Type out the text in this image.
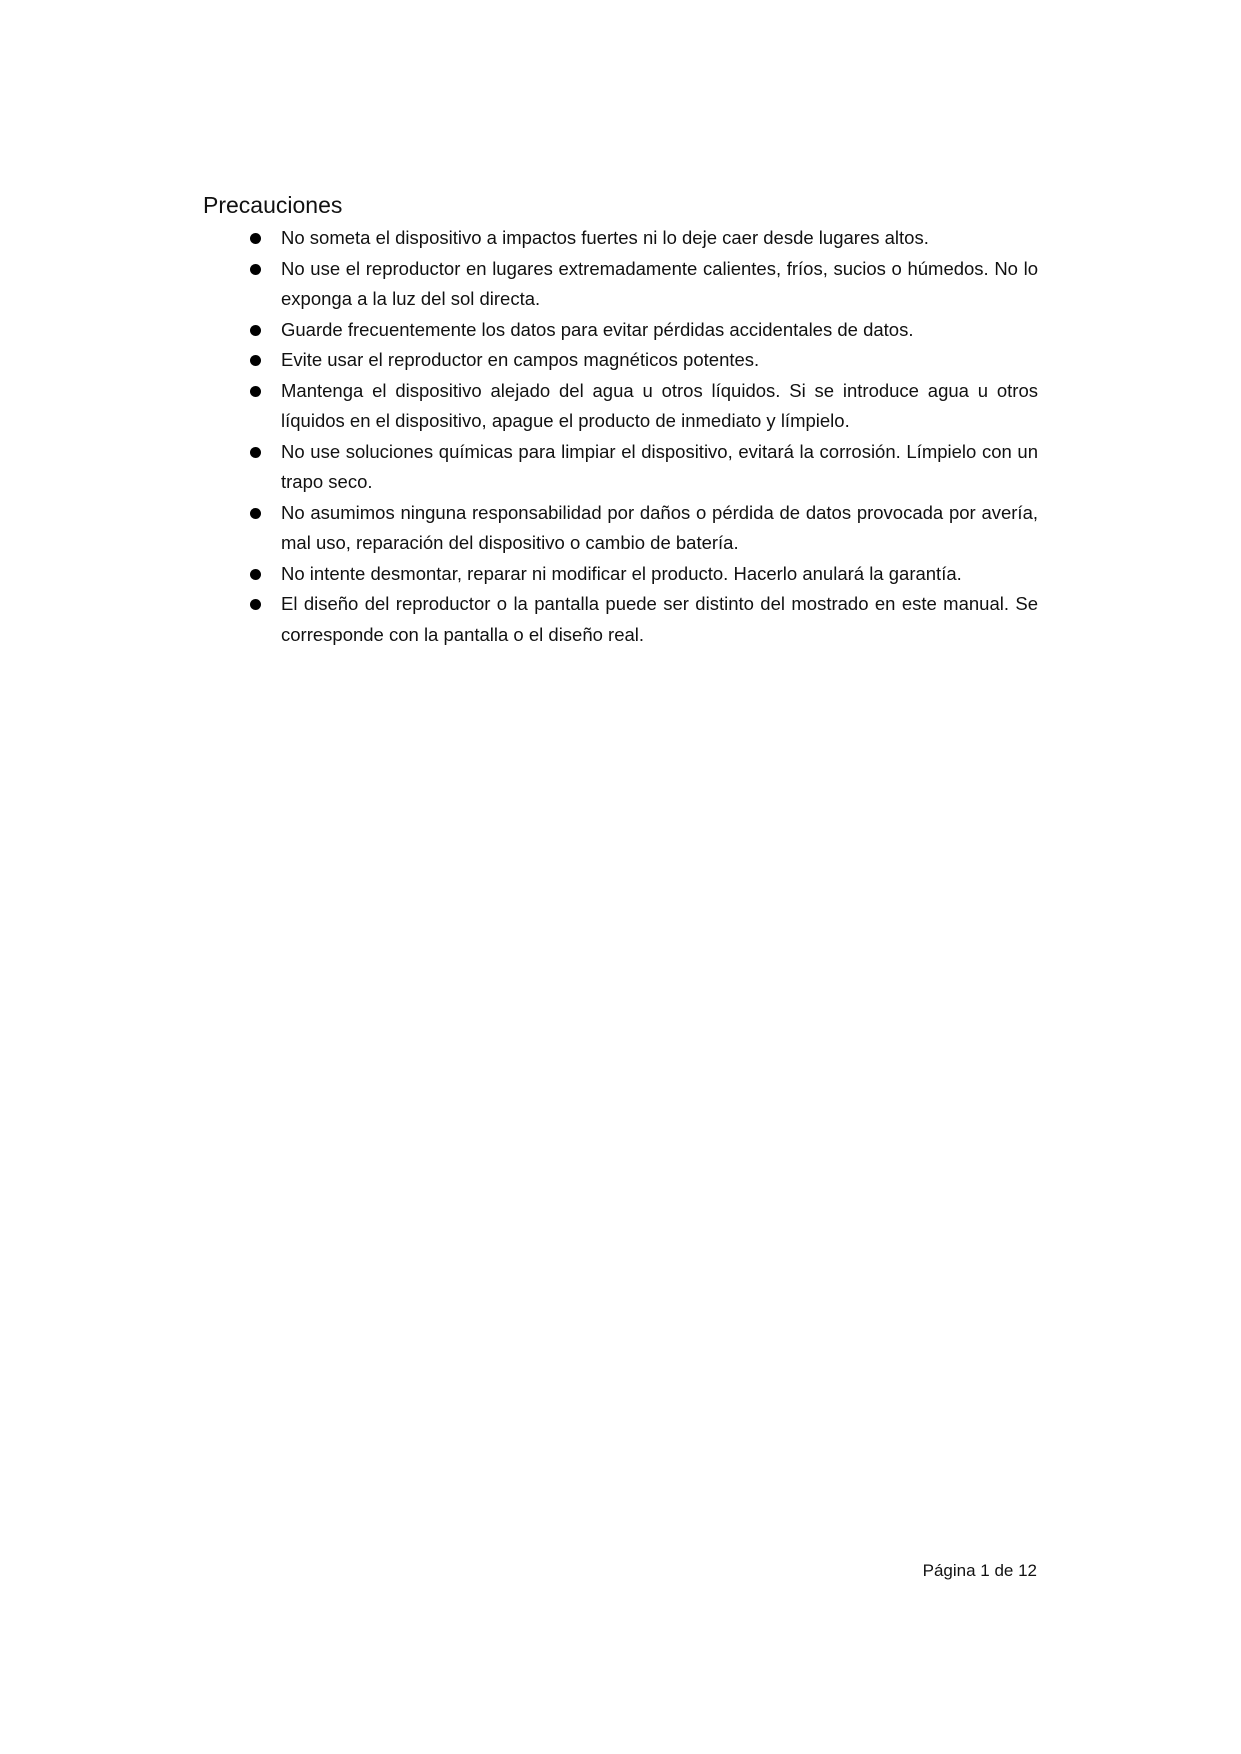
Precauciones
No someta el dispositivo a impactos fuertes ni lo deje caer desde lugares altos.
No use el reproductor en lugares extremadamente calientes, fríos, sucios o húmedos. No lo exponga a la luz del sol directa.
Guarde frecuentemente los datos para evitar pérdidas accidentales de datos.
Evite usar el reproductor en campos magnéticos potentes.
Mantenga el dispositivo alejado del agua u otros líquidos. Si se introduce agua u otros líquidos en el dispositivo, apague el producto de inmediato y límpielo.
No use soluciones químicas para limpiar el dispositivo, evitará la corrosión. Límpielo con un trapo seco.
No asumimos ninguna responsabilidad por daños o pérdida de datos provocada por avería, mal uso, reparación del dispositivo o cambio de batería.
No intente desmontar, reparar ni modificar el producto. Hacerlo anulará la garantía.
El diseño del reproductor o la pantalla puede ser distinto del mostrado en este manual. Se corresponde con la pantalla o el diseño real.
Página 1 de 12
